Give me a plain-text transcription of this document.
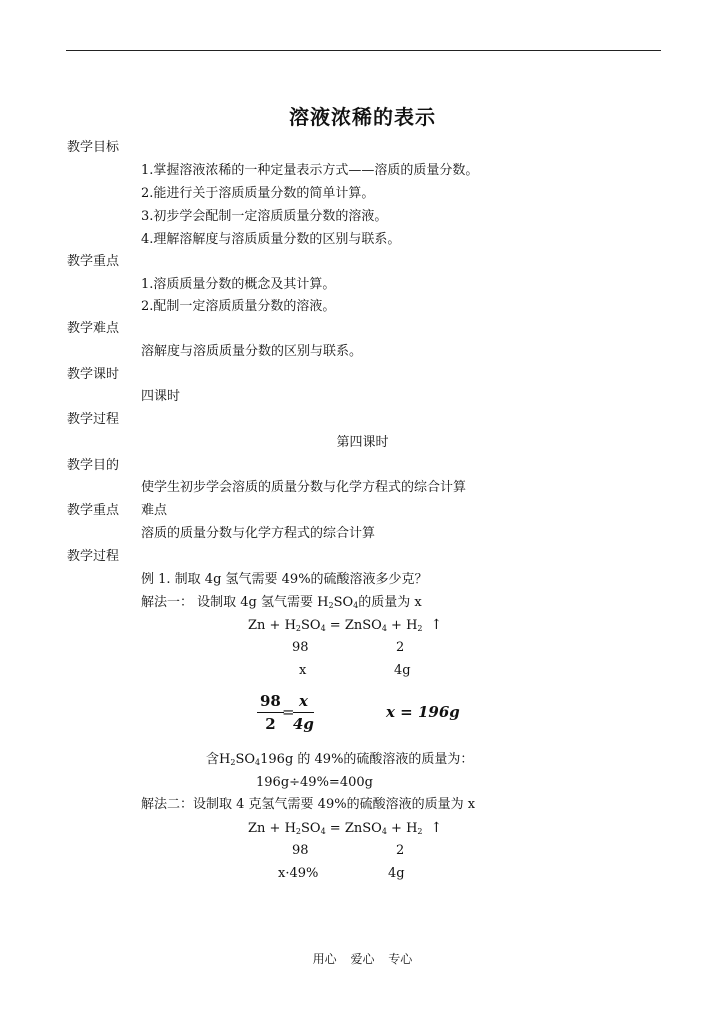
溶液浓稀的表示
教学目标
1.掌握溶液浓稀的一种定量表示方式——溶质的质量分数。
2.能进行关于溶质质量分数的简单计算。
3.初步学会配制一定溶质质量分数的溶液。
4.理解溶解度与溶质质量分数的区别与联系。
教学重点
1.溶质质量分数的概念及其计算。
2.配制一定溶质质量分数的溶液。
教学难点
溶解度与溶质质量分数的区别与联系。
教学课时
四课时
教学过程
第四课时
教学目的
使学生初步学会溶质的质量分数与化学方程式的综合计算
教学重点 难点
溶质的质量分数与化学方程式的综合计算
教学过程
例 1. 制取 4g 氢气需要 49%的硫酸溶液多少克？
解法一： 设制取 4g 氢气需要 $H_2SO_4$的质量为 x
$Zn + H_2SO_4$ = ZnSO$_4$ + $H_2$ ↑
98	2
x	4g
$\frac{98}{2}$
=
$\frac{x}{4g}$	x = 196g
含$H_2SO_4196g$ 的 49%的硫酸溶液的质量为：
196g÷49%=400g
解法二：设制取 4 克氢气需要 49%的硫酸溶液的质量为 x
$Zn + H_2SO_4$ = ZnSO$_4$ + $H_2$ ↑
98	2
x·49%	4g
用心 爱心 专心
